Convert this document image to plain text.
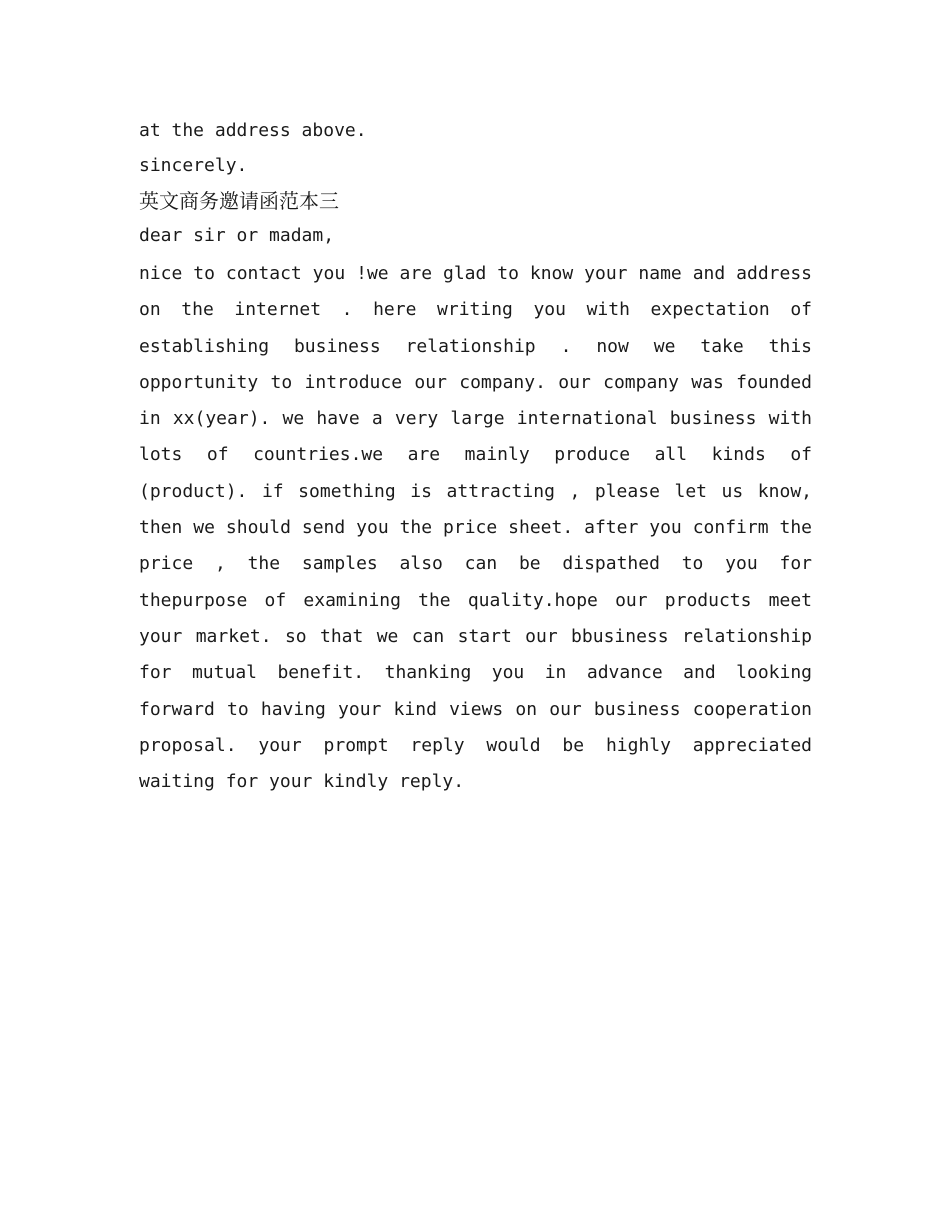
at the address above.
sincerely.
英文商务邀请函范本三
dear sir or madam,

nice to contact you !we are glad to know your name and address on the internet . here writing you with expectation of establishing business relationship . now we take this opportunity to introduce our company. our company was founded in xx(year). we have a very large international business with lots of countries.we are mainly produce all kinds of (product). if something is attracting , please let us know, then we should send you the price sheet. after you confirm the price , the samples also can be dispathed to you for thepurpose of examining the quality.hope our products meet your market. so that we can start our bbusiness relationship for mutual benefit. thanking you in advance and looking forward to having your kind views on our business cooperation proposal. your prompt reply would be highly appreciated waiting for your kindly reply.
